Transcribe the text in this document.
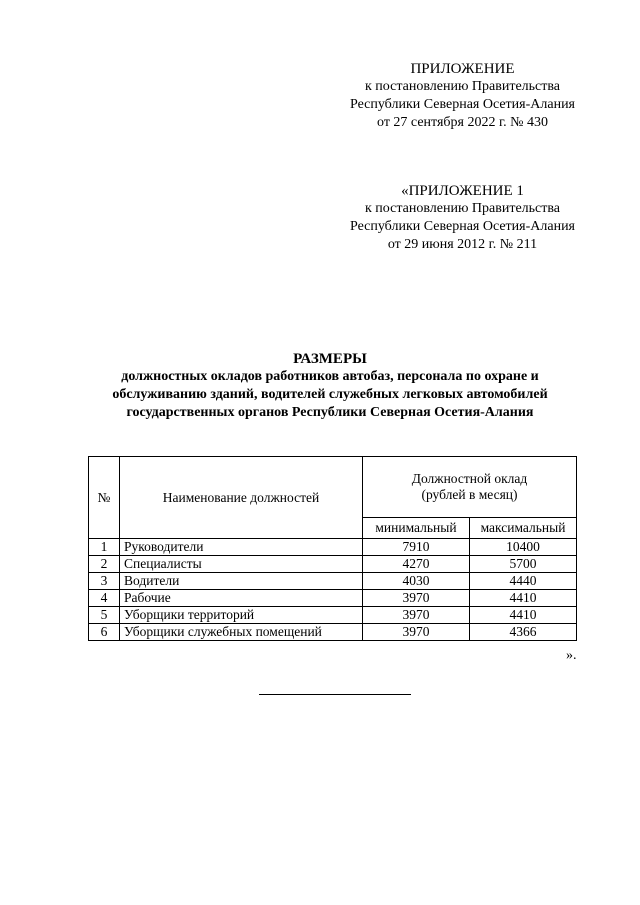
ПРИЛОЖЕНИЕ
к постановлению Правительства
Республики Северная Осетия-Алания
от 27 сентября 2022 г. № 430
«ПРИЛОЖЕНИЕ 1
к постановлению Правительства
Республики Северная Осетия-Алания
от 29 июня 2012 г. № 211
РАЗМЕРЫ
должностных окладов работников автобаз, персонала по охране и
обслуживанию зданий, водителей служебных легковых автомобилей
государственных органов Республики Северная Осетия-Алания
№	Наименование должностей	Должностной оклад
(рублей в месяц)	

		минимальный	максимальный
1	Руководители	7910	10400
2	Специалисты	4270	5700
3	Водители	4030	4440
4	Рабочие	3970	4410
5	Уборщики территорий	3970	4410
6	Уборщики служебных помещений	3970	4366
».
